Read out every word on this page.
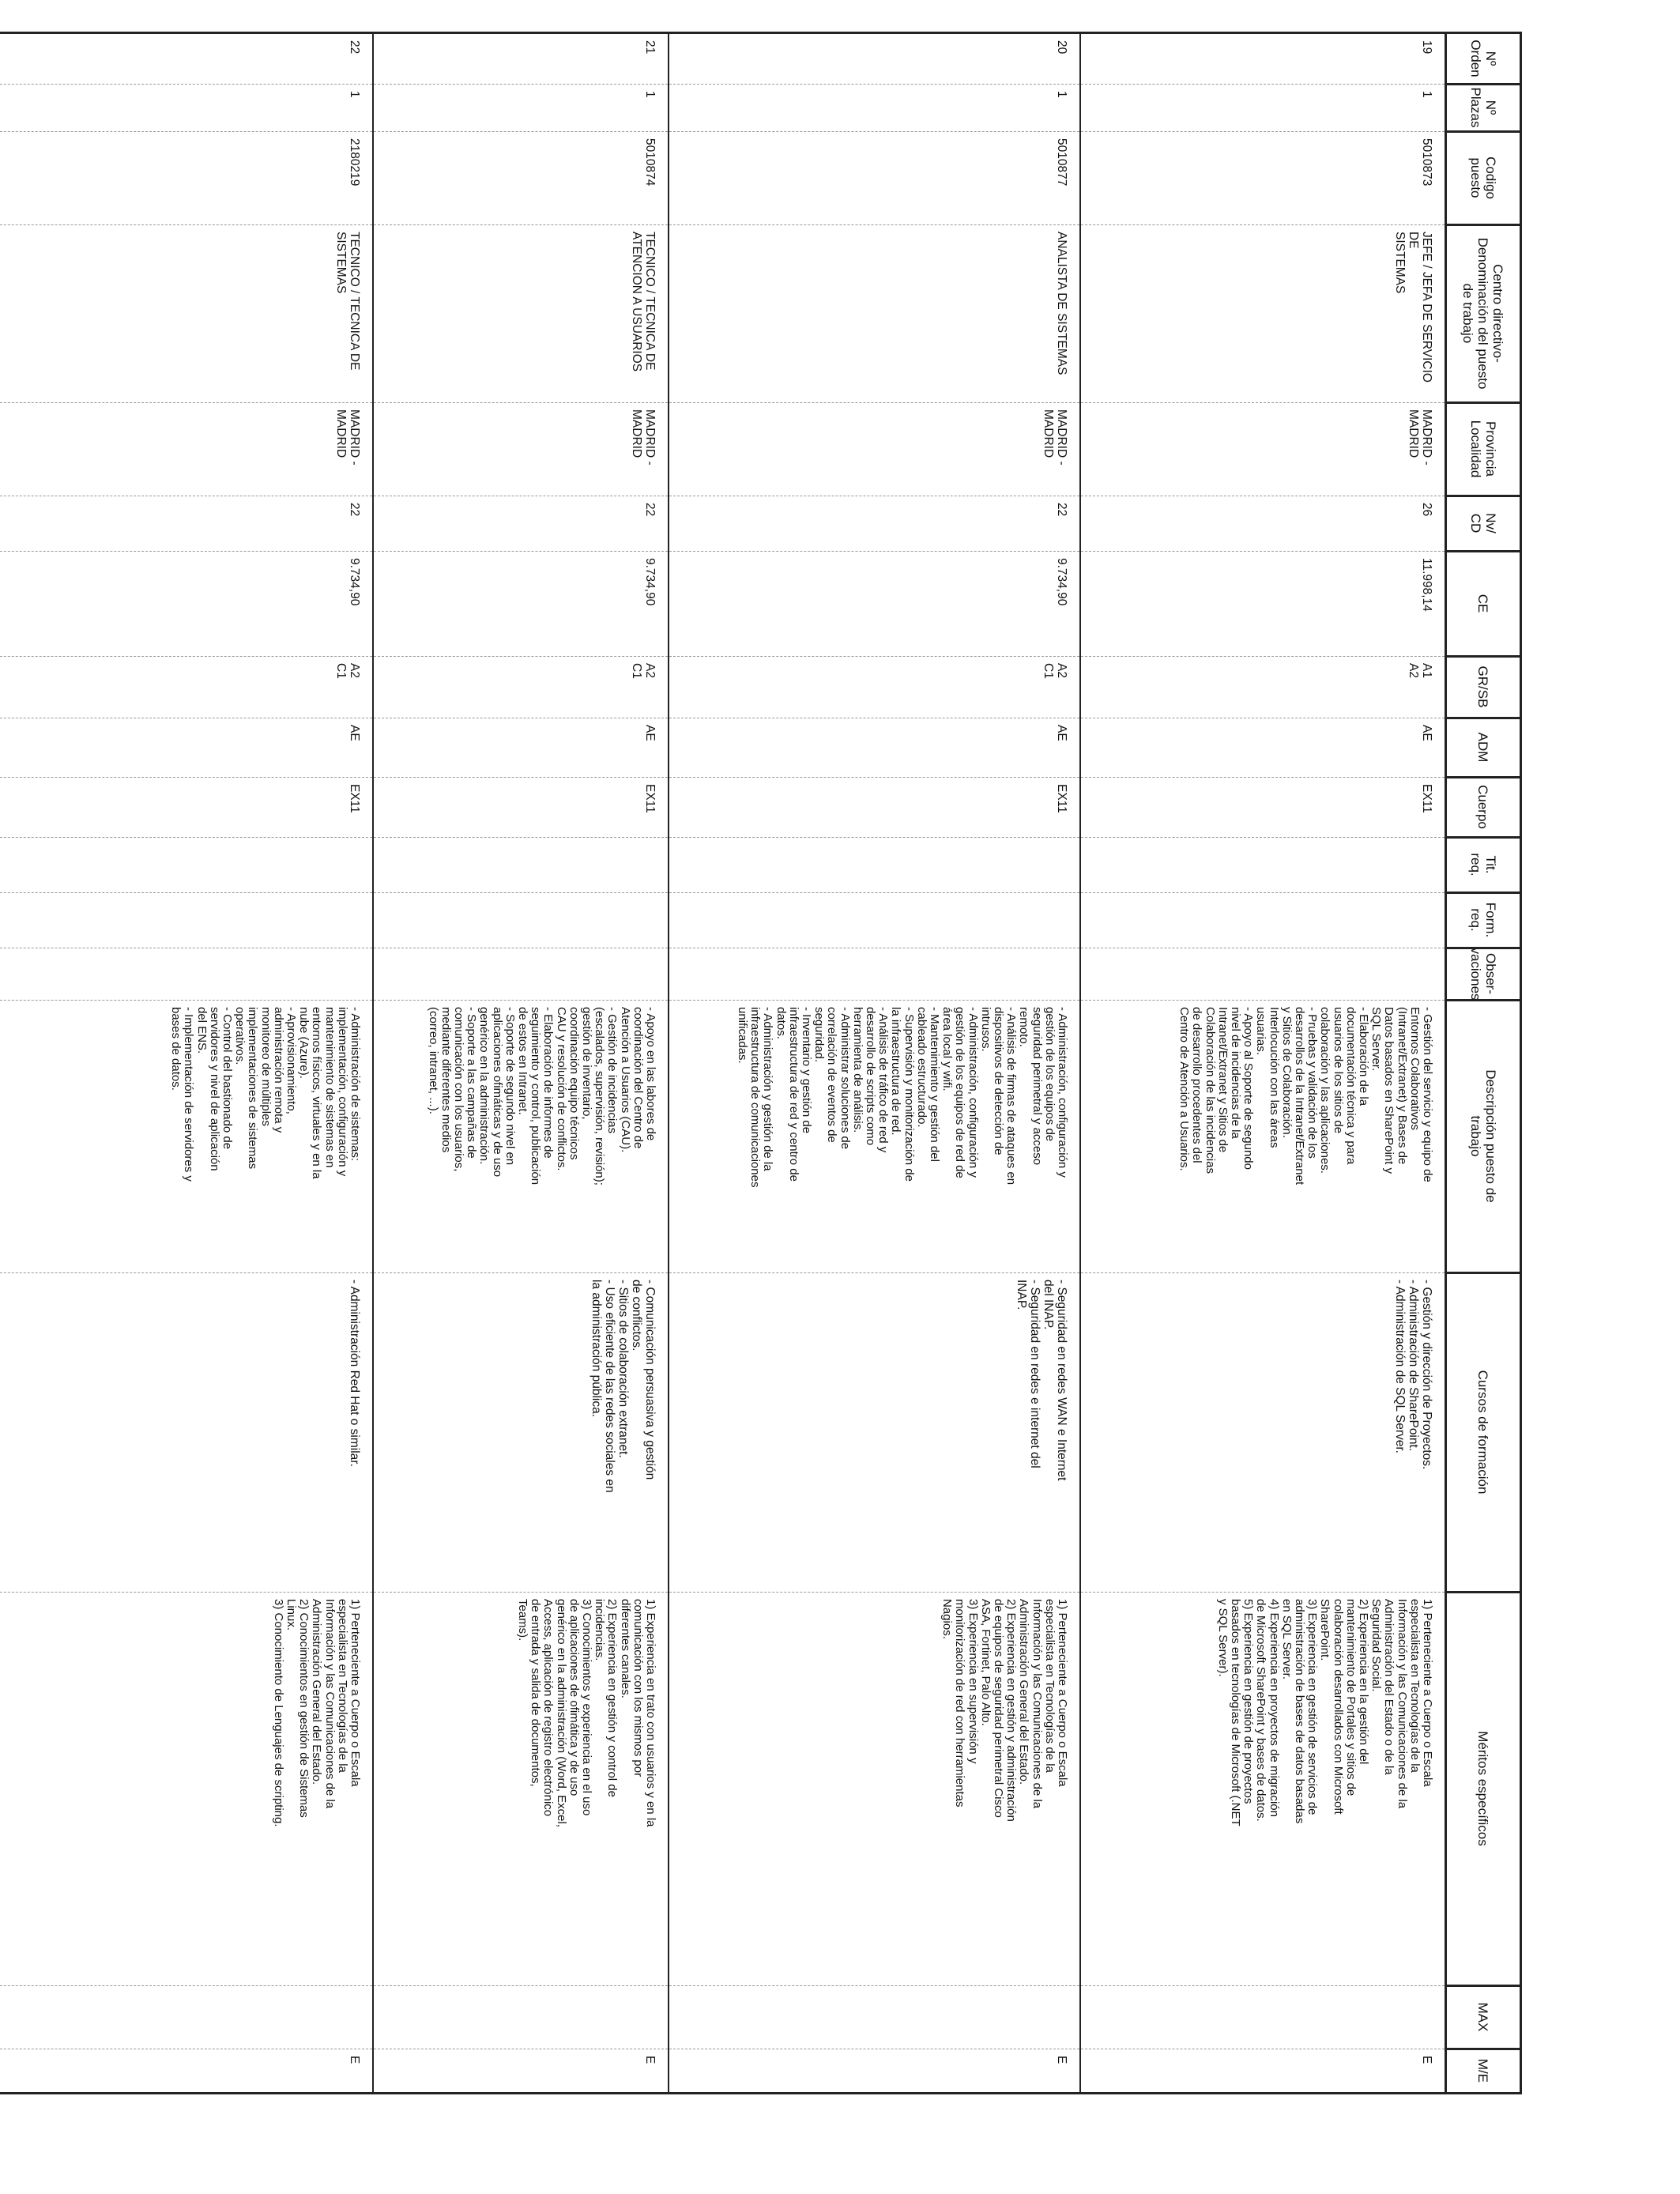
Nº
Orden
Nº
Plazas
Codigo
puesto
Centro directivo-
Denominación del puesto
de trabajo
Provincia
Localidad
Nv/
CD
CE
GR/SB
ADM
Cuerpo
Tit.
req.
Form.
req.
Obser-
vaciones
Descripción puesto de
trabajo
Cursos de formación
Méritos específicos
MAX
M/E
19
1
5010873
JEFE / JEFA DE SERVICIO DE
SISTEMAS
MADRID -
MADRID
26
11.998,14
A1
A2
AE
EX11
- Gestión del servicio y equipo de
Entornos Colaborativos
(Intranet/Extranet) y Bases de
Datos basados en SharePoint y
SQL Server.
- Elaboración de la
documentación técnica y para
usuarios de los sitios de
colaboración y las aplicaciones.
- Pruebas y validación de los
desarrollos de la Intranet/Extranet
y Sitios de Colaboración.
Interlocución con las áreas
usuarias.
- Apoyo al Soporte de segundo
nivel de incidencias de la
Intranet/Extranet y Sitios de
Colaboración de las incidencias
de desarrollo procedentes del
Centro de Atención a Usuarios.
- Gestión y dirección de Proyectos.
- Administración de SharePoint.
- Administración de SQL Server.
1) Perteneciente a Cuerpo o Escala
especialista en Tecnologías de la
Información y las Comunicaciones de la
Administración del Estado o de la
Seguridad Social.
2) Experiencia en la gestión del
mantenimiento de Portales y sitios de
colaboración desarrollados con Microsoft
SharePoint.
3) Experiencia en gestión de servicios de
administración de bases de datos basadas
en SQL Server.
4) Experiencia en proyectos de migración
de Microsoft SharePoint y bases de datos.
5) Experiencia en gestión de proyectos
basados en tecnologías de Microsoft (.NET
y SQL Server).
E
20
1
5010877
ANALISTA DE SISTEMAS
MADRID -
MADRID
22
9.734,90
A2
C1
AE
EX11
- Administración, configuración y
gestión de los equipos de
seguridad perimetral y acceso
remoto.
- Análisis de firmas de ataques en
dispositivos de detección de
intrusos.
- Administración, configuración y
gestión de los equipos de red de
área local y wifi.
- Mantenimiento y gestión del
cableado estructurado.
- Supervisión y monitorización de
la infraestructura de red.
- Análisis de tráfico de red y
desarrollo de scripts como
herramienta de análisis.
- Administrar soluciones de
correlación de eventos de
seguridad.
- Inventario y gestión de
infraestructura de red y centro de
datos.
- Administración y gestión de la
infraestructura de comunicaciones
unificadas.
- Seguridad en redes WAN e Internet
del INAP.
- Seguridad en redes e internet del
INAP.
1) Perteneciente a Cuerpo o Escala
especialista en Tecnologías de la
Información y las Comunicaciones de la
Administración General del Estado.
2) Experiencia en gestión y administración
de equipos de seguridad perimetral Cisco
ASA, Fortinet, Palo Alto.
3) Experiencia en supervisión y
monitorización de red con herramientas
Nagios.
E
21
1
5010874
TECNICO / TECNICA DE
ATENCION A USUARIOS
MADRID -
MADRID
22
9.734,90
A2
C1
AE
EX11
- Apoyo en las labores de
coordinación del Centro de
Atención a Usuarios (CAU).
- Gestión de incidencias
(escalados, supervisión, revisión);
gestión de inventario,
coordinación equipo técnicos
CAU y resolución de conflictos.
- Elaboración de informes de
seguimiento y control, publicación
de estos en Intranet.
- Soporte de segundo nivel en
aplicaciones ofimáticas y de uso
genérico en la administración.
- Soporte a las campañas de
comunicación con los usuarios,
mediante diferentes medios
(correo, intranet, ...).
- Comunicación persuasiva y gestión
de conflictos.
- Sitios de colaboración extranet.
- Uso eficiente de las redes sociales en
la administración pública.
1) Experiencia en trato con usuarios y en la
comunicación con los mismos por
diferentes canales.
2) Experiencia en gestión y control de
incidencias.
3) Conocimientos y experiencia en el uso
de aplicaciones de ofimática y de uso
genérico en la administración (Word, Excel,
Access, aplicación de registro electrónico
de entrada y salida de documentos,
Teams).
E
22
1
2180219
TECNICO / TECNICA DE
SISTEMAS
MADRID -
MADRID
22
9.734,90
A2
C1
AE
EX11
- Administración de sistemas:
implementación, configuración y
mantenimiento de sistemas en
entornos físicos, virtuales y en la
nube (Azure).
- Aprovisionamiento,
administración remota y
monitoreo de múltiples
implementaciones de sistemas
operativos.
- Control del bastionado de
servidores y nivel de aplicación
del ENS.
- Implementación de servidores y
bases de datos.
- Administración Red Hat o similar.
1) Perteneciente a Cuerpo o Escala
especialista en Tecnologías de la
Información y las Comunicaciones de la
Administración General del Estado.
2) Conocimientos en gestión de Sistemas
Linux.
3) Conocimiento de Lenguajes de scripting.
E
